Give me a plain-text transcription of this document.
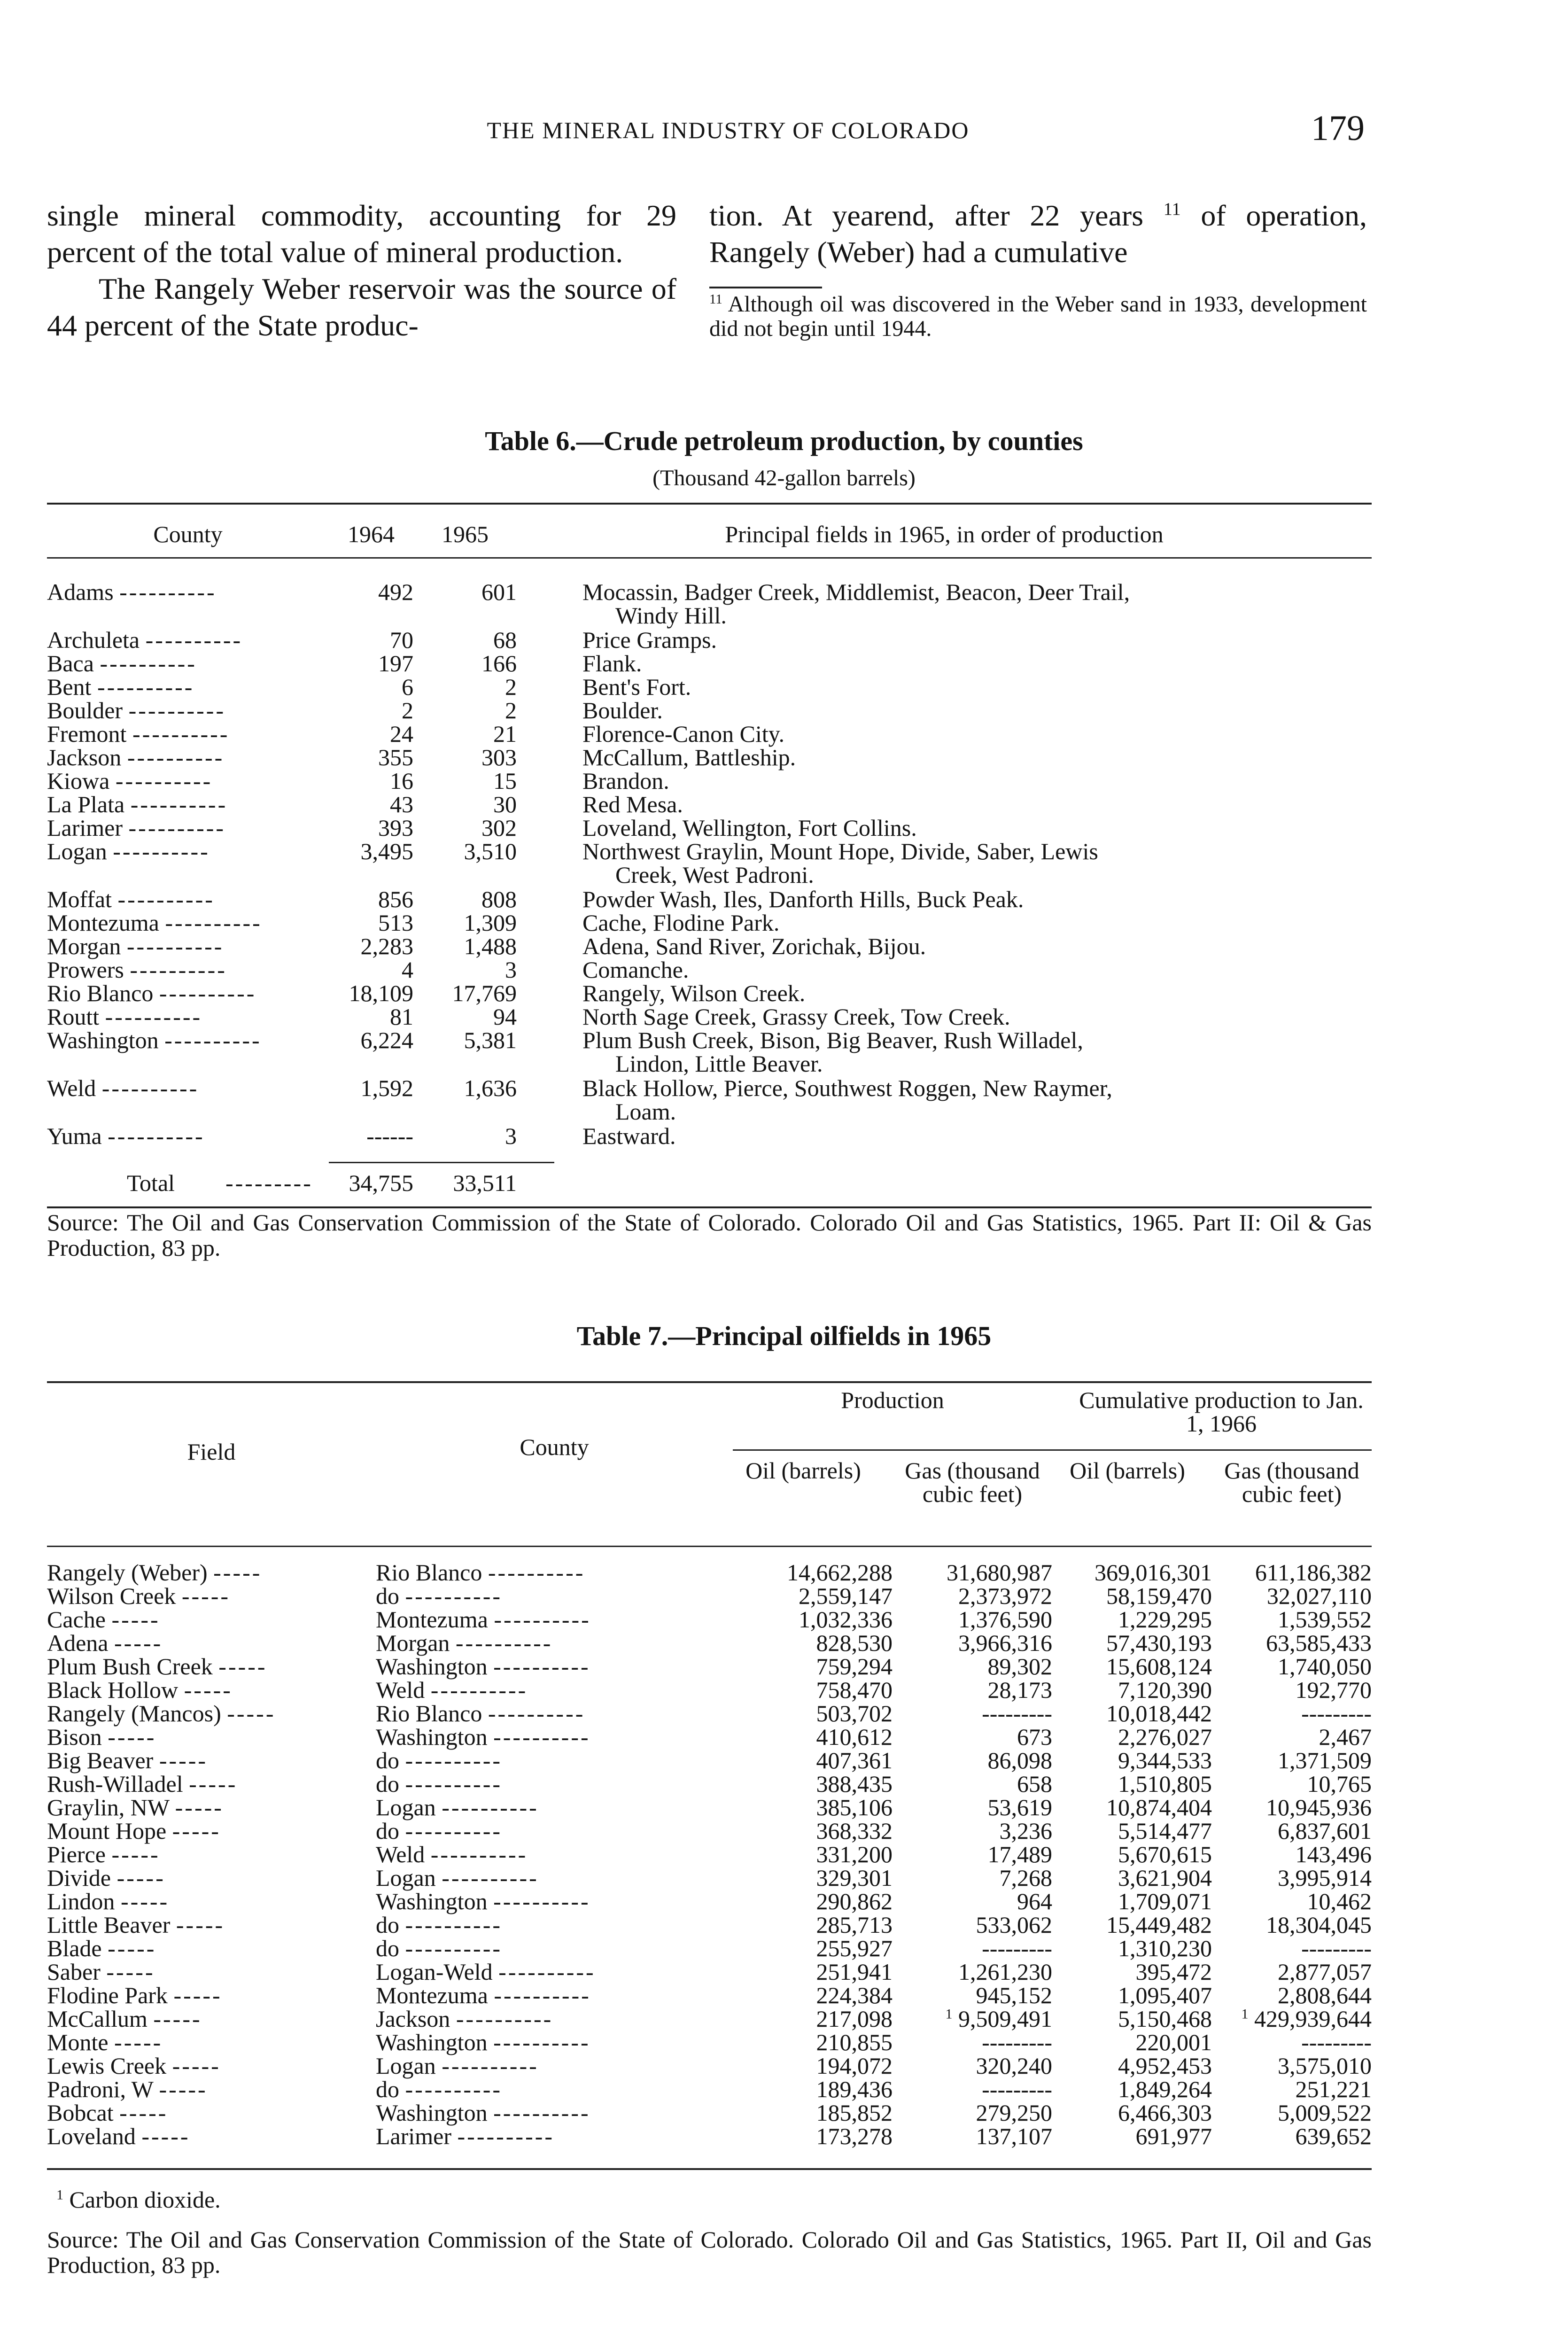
THE MINERAL INDUSTRY OF COLORADO	179

single mineral commodity, accounting for 29 percent of the total value of mineral production.

The Rangely Weber reservoir was the source of 44 percent of the State produc-

tion. At yearend, after 22 years $^{11}$ of operation, Rangely (Weber) had a cumulative

$^{11}$ Although oil was discovered in the Weber sand in 1933, development did not begin until 1944.
Table 6.—Crude petroleum production, by counties
(Thousand 42-gallon barrels)
County	1964	1965	Principal fields in 1965, in order of production

Adams ----------	492	601	Mocassin, Badger Creek, Middlemist, Beacon, Deer Trail,
Windy Hill.

Archuleta ----------	70	68	Price Gramps.

Baca ----------	197	166	Flank.

Bent ----------	6	2	Bent's Fort.

Boulder ----------	2	2	Boulder.

Fremont ----------	24	21	Florence-Canon City.

Jackson ----------	355	303	McCallum, Battleship.

Kiowa ----------	16	15	Brandon.

La Plata ----------	43	30	Red Mesa.

Larimer ----------	393	302	Loveland, Wellington, Fort Collins.

Logan ----------	3,495	3,510	Northwest Graylin, Mount Hope, Divide, Saber, Lewis
Creek, West Padroni.

Moffat ----------	856	808	Powder Wash, Iles, Danforth Hills, Buck Peak.

Montezuma ----------	513	1,309	Cache, Flodine Park.

Morgan ----------	2,283	1,488	Adena, Sand River, Zorichak, Bijou.

Prowers ----------	4	3	Comanche.

Rio Blanco ----------	18,109	17,769	Rangely, Wilson Creek.

Routt ----------	81	94	North Sage Creek, Grassy Creek, Tow Creek.

Washington ----------	6,224	5,381	Plum Bush Creek, Bison, Big Beaver, Rush Willadel,
Lindon, Little Beaver.

Weld ----------	1,592	1,636	Black Hollow, Pierce, Southwest Roggen, New Raymer,
Loam.

Yuma ----------	------	3	Eastward.
Total ---------	34,755	33,511
Source: The Oil and Gas Conservation Commission of the State of Colorado. Colorado Oil and Gas Statistics, 1965. Part II: Oil & Gas Production, 83 pp.
Table 7.—Principal oilfields in 1965
Field	County
Production	Cumulative production to Jan. 1, 1966
Oil (barrels)	Gas (thousand cubic feet)
Oil (barrels)	Gas (thousand cubic feet)
Rangely (Weber) -----	Rio Blanco ----------	14,662,288	31,680,987	369,016,301	611,186,382
Wilson Creek -----	do ----------	2,559,147	2,373,972	58,159,470	32,027,110
Cache -----	Montezuma ----------	1,032,336	1,376,590	1,229,295	1,539,552
Adena -----	Morgan ----------	828,530	3,966,316	57,430,193	63,585,433
Plum Bush Creek -----	Washington ----------	759,294	89,302	15,608,124	1,740,050
Black Hollow -----	Weld ----------	758,470	28,173	7,120,390	192,770
Rangely (Mancos) -----	Rio Blanco ----------	503,702	---------	10,018,442	---------
Bison -----	Washington ----------	410,612	673	2,276,027	2,467
Big Beaver -----	do ----------	407,361	86,098	9,344,533	1,371,509
Rush-Willadel -----	do ----------	388,435	658	1,510,805	10,765
Graylin, NW -----	Logan ----------	385,106	53,619	10,874,404	10,945,936
Mount Hope -----	do ----------	368,332	3,236	5,514,477	6,837,601
Pierce -----	Weld ----------	331,200	17,489	5,670,615	143,496
Divide -----	Logan ----------	329,301	7,268	3,621,904	3,995,914
Lindon -----	Washington ----------	290,862	964	1,709,071	10,462
Little Beaver -----	do ----------	285,713	533,062	15,449,482	18,304,045
Blade -----	do ----------	255,927	---------	1,310,230	---------
Saber -----	Logan-Weld ----------	251,941	1,261,230	395,472	2,877,057
Flodine Park -----	Montezuma ----------	224,384	945,152	1,095,407	2,808,644
McCallum -----	Jackson ----------	217,098	$^1$ 9,509,491	5,150,468	$^1$ 429,939,644
Monte -----	Washington ----------	210,855	---------	220,001	---------
Lewis Creek -----	Logan ----------	194,072	320,240	4,952,453	3,575,010
Padroni, W -----	do ----------	189,436	---------	1,849,264	251,221
Bobcat -----	Washington ----------	185,852	279,250	6,466,303	5,009,522
Loveland -----	Larimer ----------	173,278	137,107	691,977	639,652
$^1$ Carbon dioxide.
Source: The Oil and Gas Conservation Commission of the State of Colorado. Colorado Oil and Gas Statistics, 1965. Part II, Oil and Gas Production, 83 pp.
